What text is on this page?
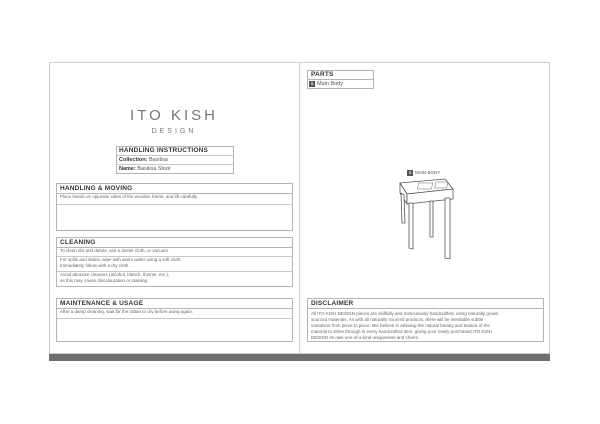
ITO KISH
DESIGN
HANDLING INSTRUCTIONS
Collection: Basilisa
Name: Basilisa Stool
HANDLING & MOVING
Place hands on opposite sides of the wooden frame, and lift carefully.
CLEANING
To clean dirt and debris, use a duster cloth, or vacuum.
For spills and stains, wipe with warm water using a soft cloth.
Immediately follow with a dry cloth.
Avoid abrasive cleaners (alcohol, bleach, thinner, etc.),
as this may cause discolouration or staining.
MAINTENANCE & USAGE
After a damp cleaning, wait for the rattan to dry before using again.
PARTS
1 Main Body
1 MAIN BODY
DISCLAIMER
All ITO KISH DESIGN pieces are skillfully and meticulously handcrafted, using naturally grown
sourced materials. As with all naturally sourced products, there will be inevitable subtle
variations from piece to piece. We believe in allowing the natural beauty and texture of the
material to shine through in every handcrafted item, giving your newly purchased ITO KISH
DESIGN its own one-of-a-kind uniqueness and charm.
